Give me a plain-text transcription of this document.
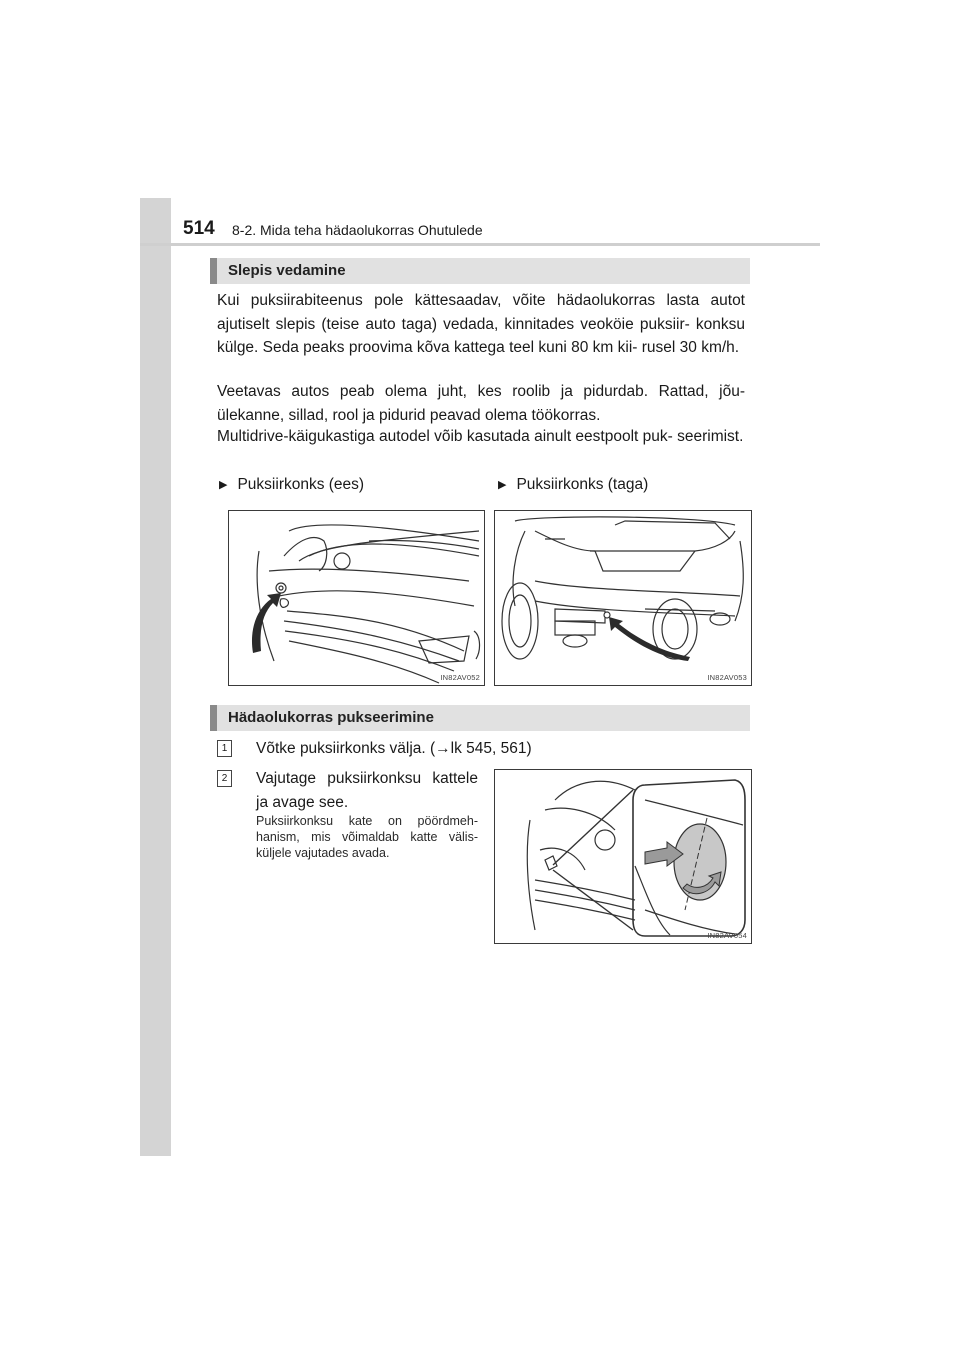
514 8-2. Mida teha hädaolukorras Ohutulede
Slepis vedamine

Kui puksiirabiteenus pole kättesaadav, võite hädaolukorras lasta autot ajutiselt slepis (teise auto taga) vedada, kinnitades veoköie puksiir- konksu külge. Seda peaks proovima kõva kattega teel kuni 80 km kii- rusel 30 km/h.

Veetavas autos peab olema juht, kes roolib ja pidurdab. Rattad, jõu- ülekanne, sillad, rool ja pidurid peavad olema töökorras.

Multidrive-käigukastiga autodel võib kasutada ainult eestpoolt puk- seerimist.

▶ Puksiirkonks (ees)	▶ Puksiirkonks (taga)
IN82AV052	IN82AV053
Hädaolukorras pukseerimine
1	Võtke puksiirkonks välja. (→lk 545, 561)

2	Vajutage puksiirkonksu kattele ja avage see.

Puksiirkonksu kate on pöördmeh- hanism, mis võimaldab katte välis- küljele vajutades avada.

IN82AV054
